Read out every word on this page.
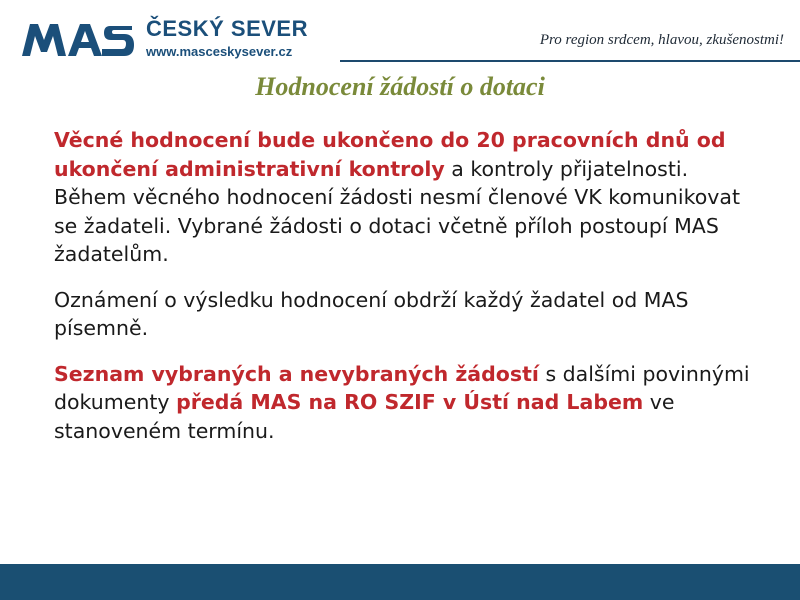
ČESKÝ SEVER
www.masceskysever.cz
Pro region srdcem, hlavou, zkušenostmi!
Hodnocení žádostí o dotaci

Věcné hodnocení bude ukončeno do 20 pracovních dnů od ukončení administrativní kontroly a kontroly přijatelnosti. Během věcného hodnocení žádosti nesmí členové VK komunikovat se žadateli. Vybrané žádosti o dotaci včetně příloh postoupí MAS žadatelům.

Oznámení o výsledku hodnocení obdrží každý žadatel od MAS písemně.

Seznam vybraných a nevybraných žádostí s dalšími povinnými dokumenty předá MAS na RO SZIF v Ústí nad Labem ve stanoveném termínu.
